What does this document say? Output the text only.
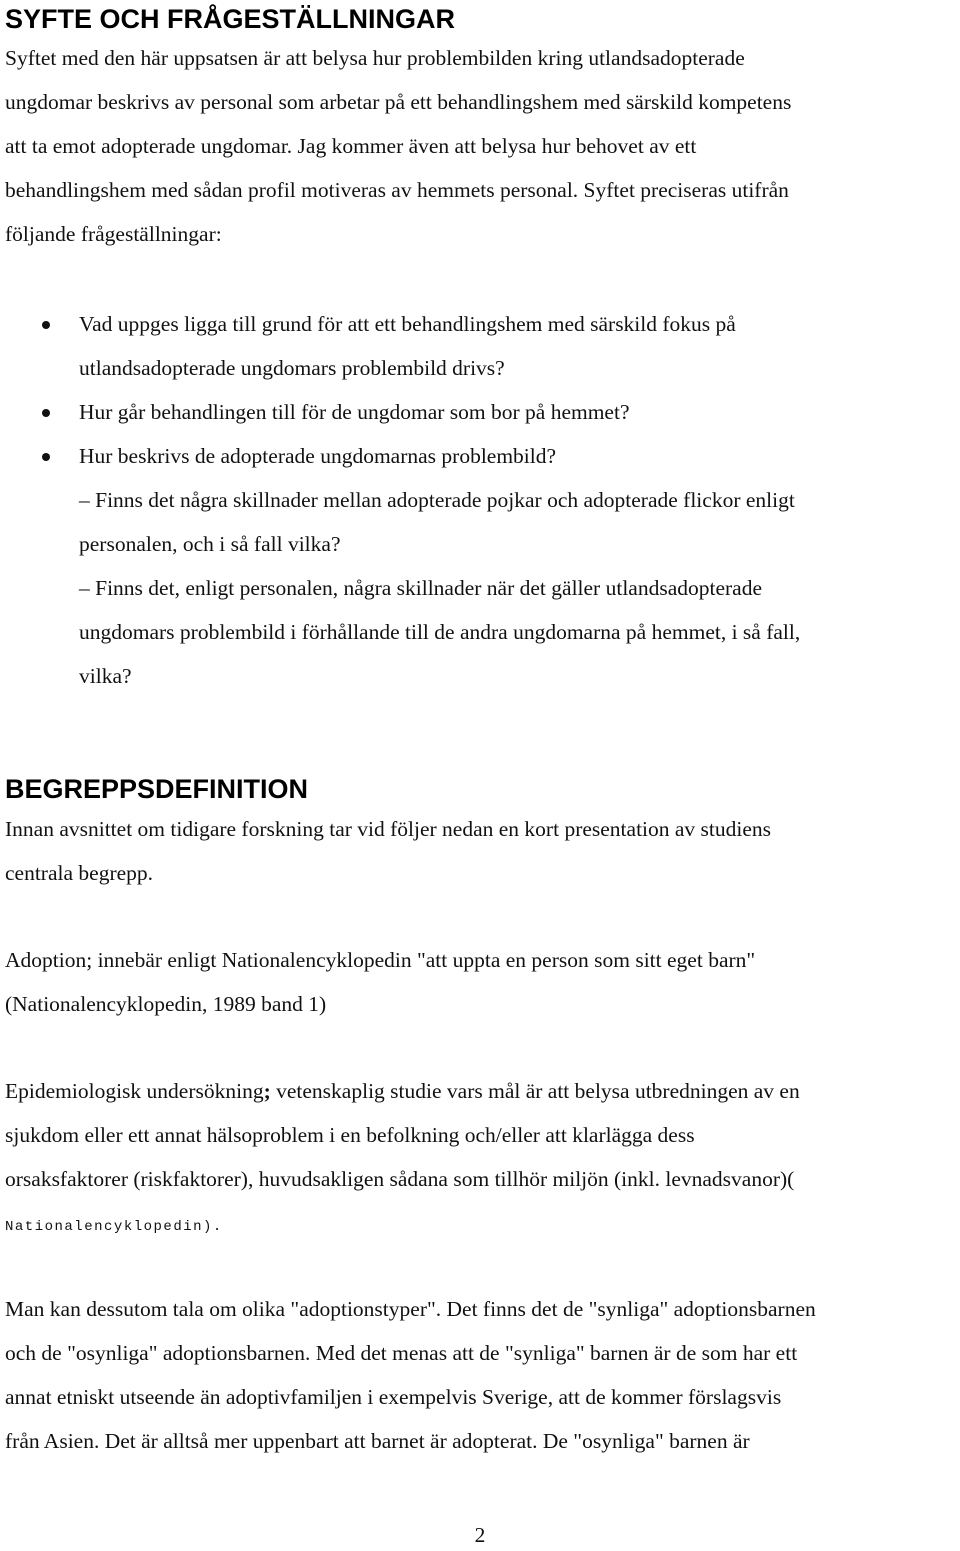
SYFTE OCH FRÅGESTÄLLNINGAR
Syftet med den här uppsatsen är att belysa hur problembilden kring utlandsadopterade
ungdomar beskrivs av personal som arbetar på ett behandlingshem med särskild kompetens
att ta emot adopterade ungdomar. Jag kommer även att belysa hur behovet av ett
behandlingshem med sådan profil motiveras av hemmets personal. Syftet preciseras utifrån
följande frågeställningar:
Vad uppges ligga till grund för att ett behandlingshem med särskild fokus på
utlandsadopterade ungdomars problembild drivs?
Hur går behandlingen till för de ungdomar som bor på hemmet?
Hur beskrivs de adopterade ungdomarnas problembild?
– Finns det några skillnader mellan adopterade pojkar och adopterade flickor enligt
personalen, och i så fall vilka?
– Finns det, enligt personalen, några skillnader när det gäller utlandsadopterade
ungdomars problembild i förhållande till de andra ungdomarna på hemmet, i så fall,
vilka?
BEGREPPSDEFINITION
Innan avsnittet om tidigare forskning tar vid följer nedan en kort presentation av studiens
centrala begrepp.
Adoption; innebär enligt Nationalencyklopedin "att uppta en person som sitt eget barn"
(Nationalencyklopedin, 1989 band 1)
Epidemiologisk undersökning; vetenskaplig studie vars mål är att belysa utbredningen av en
sjukdom eller ett annat hälsoproblem i en befolkning och/eller att klarlägga dess
orsaksfaktorer (riskfaktorer), huvudsakligen sådana som tillhör miljön (inkl. levnadsvanor)(
Nationalencyklopedin).
Man kan dessutom tala om olika "adoptionstyper". Det finns det de "synliga" adoptionsbarnen
och de "osynliga" adoptionsbarnen. Med det menas att de "synliga" barnen är de som har ett
annat etniskt utseende än adoptivfamiljen i exempelvis Sverige, att de kommer förslagsvis
från Asien. Det är alltså mer uppenbart att barnet är adopterat. De "osynliga" barnen är

2
